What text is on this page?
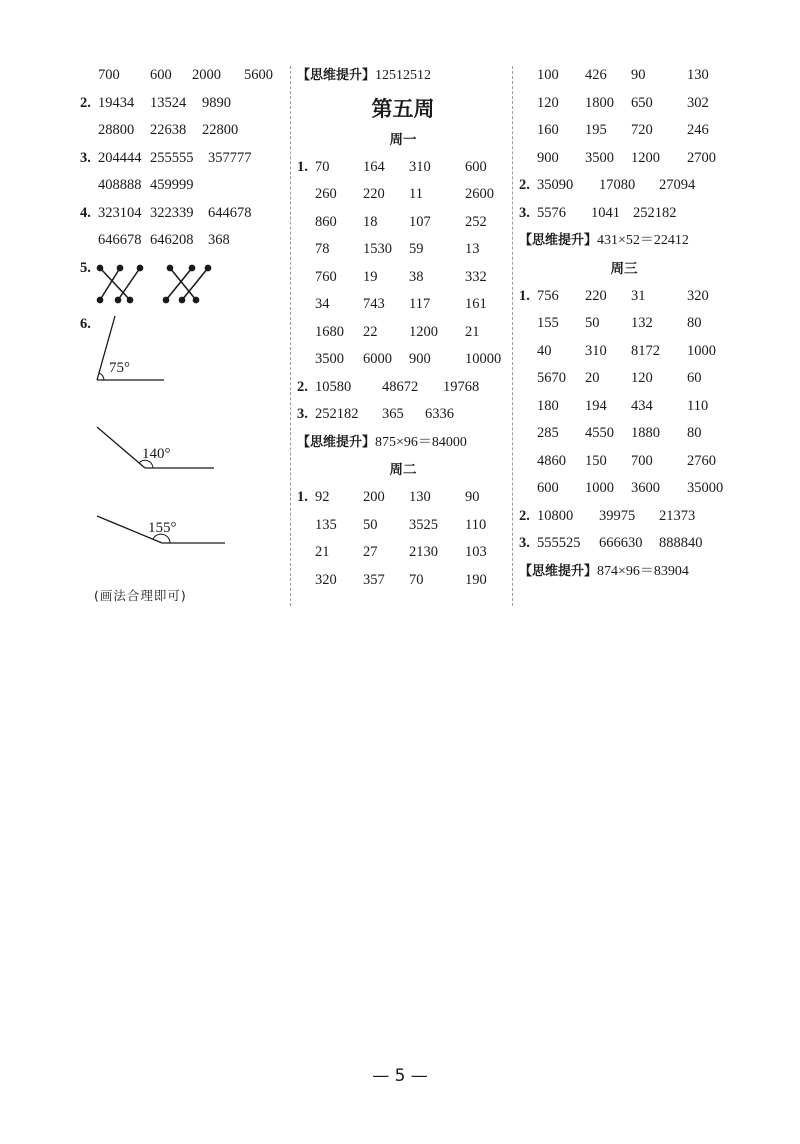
700 600 2000 5600
2. 19434 13524 9890
28800 22638 22800
3. 204444 255555 357777
408888 459999
4. 323104 322339 644678
646678 646208 368
5.
6.
75°
140°
155°
(画法合理即可)
【思维提升】12512512
第五周
周一
1. 70 164 310 600
260 220 11	2600
860 18 107 252
78 1530 59	13
760 19 38	332
34 743 117 161
1680 22 1200 21
3500 6000 900 10000
2. 10580 48672 19768
3. 252182 365 6336
【思维提升】875×96＝84000
周二
1. 92 200 130 90
135 50 3525 110
21 27 2130 103
320 357 70	190
100 426 90	130
120 1800 650 302
160 195 720 246
900 3500 1200 2700
2. 35090 17080 27094
3. 5576 1041 252182
【思维提升】431×52＝22412
周三
1. 756 220 31	320
155 50 132 80
40 310 8172 1000
5670 20 120 60
180 194 434 110
285 4550 1880 80
4860 150 700 2760
600 1000 3600 35000
2. 10800 39975 21373
3. 555525 666630 888840
【思维提升】874×96＝83904
— 5 —
